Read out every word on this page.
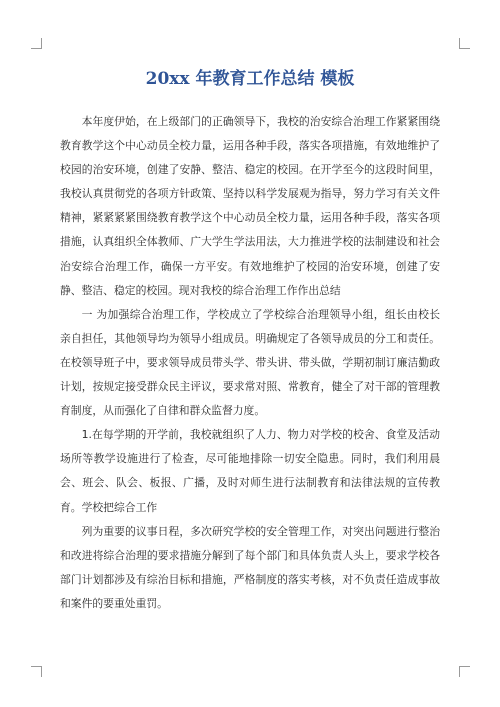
20xx 年教育工作总结 模板

本年度伊始，在上级部门的正确领导下，我校的治安综合治理工作紧紧围绕教育教学这个中心动员全校力量，运用各种手段，落实各项措施，有效地维护了校园的治安环境，创建了安静、整洁、稳定的校园。在开学至今的这段时间里，我校认真贯彻党的各项方针政策、坚持以科学发展观为指导，努力学习有关文件精神，紧紧紧紧围绕教育教学这个中心动员全校力量，运用各种手段，落实各项措施，认真组织全体教师、广大学生学法用法，大力推进学校的法制建设和社会治安综合治理工作，确保一方平安。有效地维护了校园的治安环境，创建了安静、整洁、稳定的校园。现对我校的综合治理工作作出总结

一 为加强综合治理工作，学校成立了学校综合治理领导小组，组长由校长亲自担任，其他领导均为领导小组成员。明确规定了各领导成员的分工和责任。在校领导班子中，要求领导成员带头学、带头讲、带头做，学期初制订廉洁勤政计划，按规定接受群众民主评议，要求常对照、常教育，健全了对干部的管理教育制度，从而强化了自律和群众监督力度。

1.在每学期的开学前，我校就组织了人力、物力对学校的校舍、食堂及活动场所等教学设施进行了检查，尽可能地排除一切安全隐患。同时，我们利用晨会、班会、队会、板报、广播，及时对师生进行法制教育和法律法规的宣传教育。学校把综合工作

列为重要的议事日程，多次研究学校的安全管理工作，对突出问题进行整治和改进将综合治理的要求措施分解到了每个部门和具体负责人头上，要求学校各部门计划都涉及有综治目标和措施，严格制度的落实考核，对不负责任造成事故和案件的要重处重罚。
